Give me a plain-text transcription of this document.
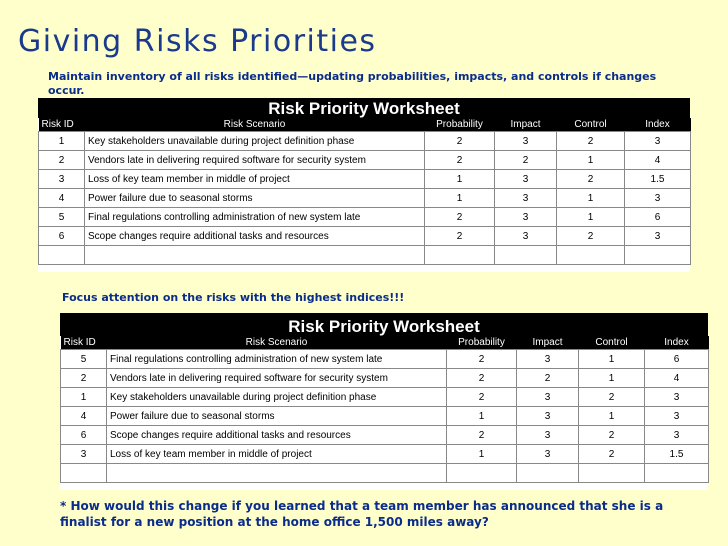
Giving Risks Priorities
Maintain inventory of all risks identified—updating probabilities, impacts, and controls if changes occur.
Risk Priority Worksheet
Risk ID	Risk Scenario	Probability	Impact	Control	Index
1	Key stakeholders unavailable during project definition phase	2	3	2	3
2	Vendors late in delivering required software for security system	2	2	1	4
3	Loss of key team member in middle of project	1	3	2	1.5
4	Power failure due to seasonal storms	1	3	1	3
5	Final regulations controlling administration of new system late	2	3	1	6
6	Scope changes require additional tasks and resources	2	3	2	3

Focus attention on the risks with the highest indices!!!
Risk Priority Worksheet
Risk ID	Risk Scenario	Probability	Impact	Control	Index
5	Final regulations controlling administration of new system late	2	3	1	6
2	Vendors late in delivering required software for security system	2	2	1	4
1	Key stakeholders unavailable during project definition phase	2	3	2	3
4	Power failure due to seasonal storms	1	3	1	3
6	Scope changes require additional tasks and resources	2	3	2	3
3	Loss of key team member in middle of project	1	3	2	1.5

* How would this change if you learned that a team member has announced that she is a finalist for a new position at the home office 1,500 miles away?
